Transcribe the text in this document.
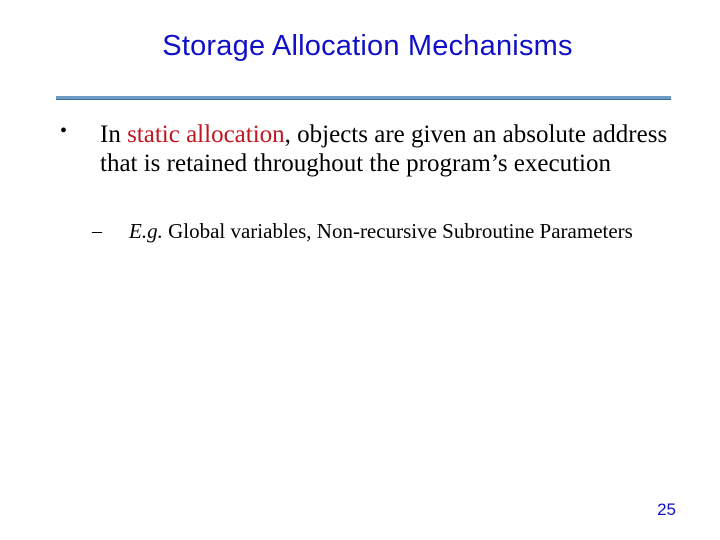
Storage Allocation Mechanisms
• In static allocation, objects are given an absolute address that is retained throughout the program’s execution
– E.g. Global variables, Non-recursive Subroutine Parameters
25
